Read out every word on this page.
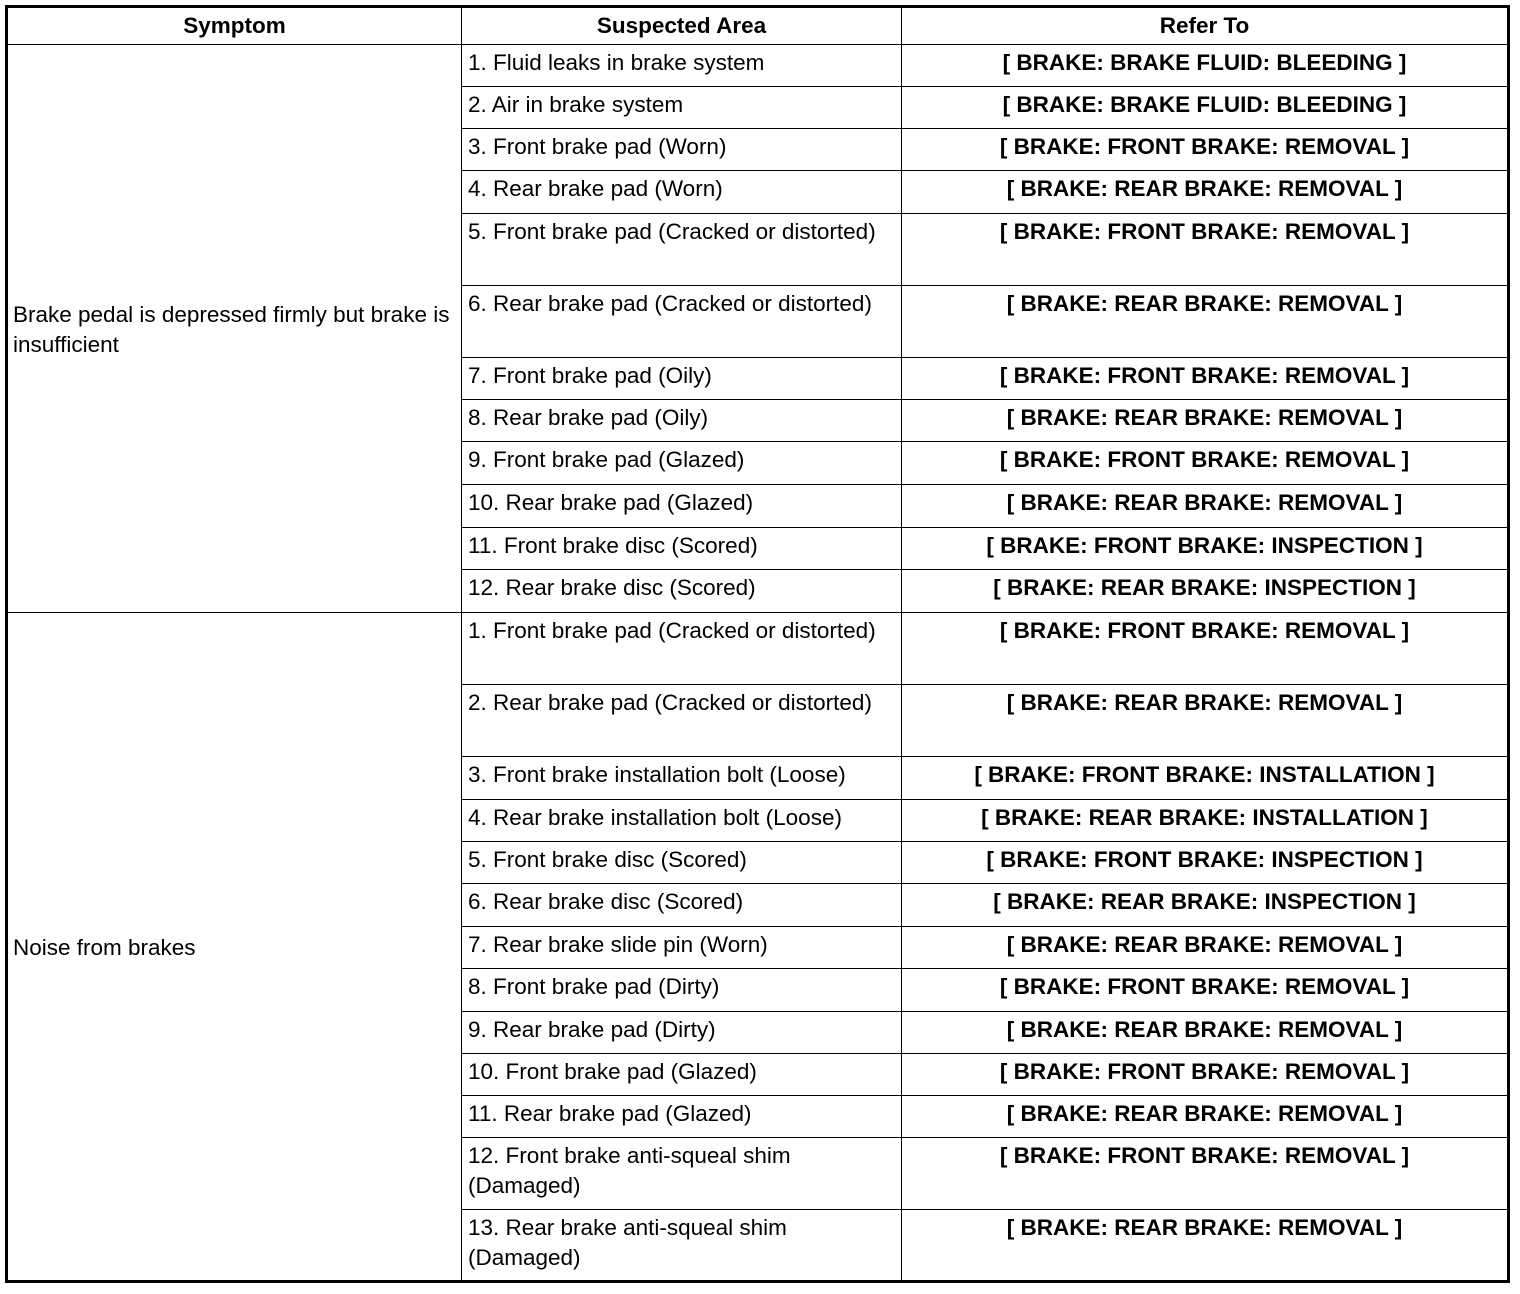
Symptom	Suspected Area	Refer To
Brake pedal is depressed firmly but brake is insufficient	1. Fluid leaks in brake system	[ BRAKE: BRAKE FLUID: BLEEDING ]
	2. Air in brake system	[ BRAKE: BRAKE FLUID: BLEEDING ]
	3. Front brake pad (Worn)	[ BRAKE: FRONT BRAKE: REMOVAL ]
	4. Rear brake pad (Worn)	[ BRAKE: REAR BRAKE: REMOVAL ]
	5. Front brake pad (Cracked or distorted)	[ BRAKE: FRONT BRAKE: REMOVAL ]
	6. Rear brake pad (Cracked or distorted)	[ BRAKE: REAR BRAKE: REMOVAL ]
	7. Front brake pad (Oily)	[ BRAKE: FRONT BRAKE: REMOVAL ]
	8. Rear brake pad (Oily)	[ BRAKE: REAR BRAKE: REMOVAL ]
	9. Front brake pad (Glazed)	[ BRAKE: FRONT BRAKE: REMOVAL ]
	10. Rear brake pad (Glazed)	[ BRAKE: REAR BRAKE: REMOVAL ]
	11. Front brake disc (Scored)	[ BRAKE: FRONT BRAKE: INSPECTION ]
	12. Rear brake disc (Scored)	[ BRAKE: REAR BRAKE: INSPECTION ]
Noise from brakes	1. Front brake pad (Cracked or distorted)	[ BRAKE: FRONT BRAKE: REMOVAL ]
	2. Rear brake pad (Cracked or distorted)	[ BRAKE: REAR BRAKE: REMOVAL ]
	3. Front brake installation bolt (Loose)	[ BRAKE: FRONT BRAKE: INSTALLATION ]
	4. Rear brake installation bolt (Loose)	[ BRAKE: REAR BRAKE: INSTALLATION ]
	5. Front brake disc (Scored)	[ BRAKE: FRONT BRAKE: INSPECTION ]
	6. Rear brake disc (Scored)	[ BRAKE: REAR BRAKE: INSPECTION ]
	7. Rear brake slide pin (Worn)	[ BRAKE: REAR BRAKE: REMOVAL ]
	8. Front brake pad (Dirty)	[ BRAKE: FRONT BRAKE: REMOVAL ]
	9. Rear brake pad (Dirty)	[ BRAKE: REAR BRAKE: REMOVAL ]
	10. Front brake pad (Glazed)	[ BRAKE: FRONT BRAKE: REMOVAL ]
	11. Rear brake pad (Glazed)	[ BRAKE: REAR BRAKE: REMOVAL ]
	12. Front brake anti-squeal shim (Damaged)	[ BRAKE: FRONT BRAKE: REMOVAL ]
	13. Rear brake anti-squeal shim (Damaged)	[ BRAKE: REAR BRAKE: REMOVAL ]
